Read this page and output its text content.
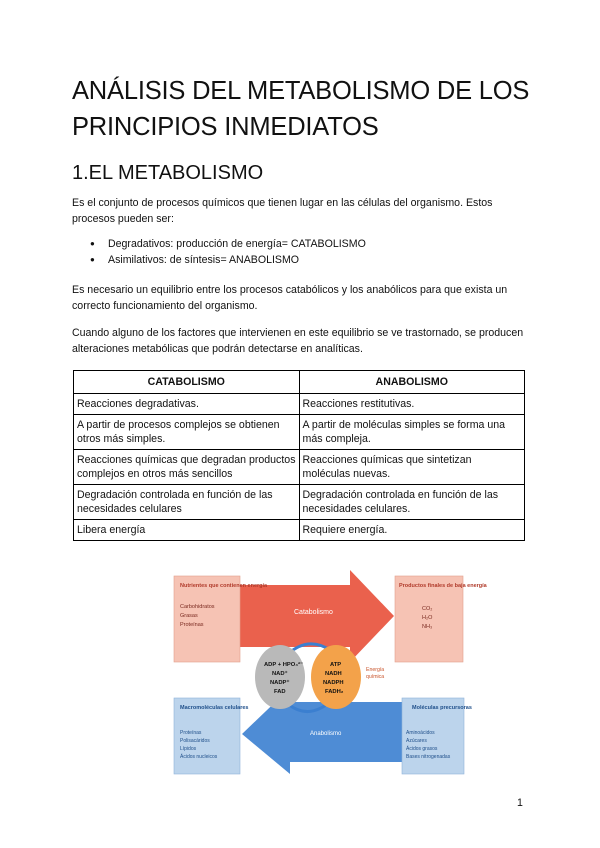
ANÁLISIS DEL METABOLISMO DE LOS PRINCIPIOS INMEDIATOS
1.EL METABOLISMO

Es el conjunto de procesos químicos que tienen lugar en las células del organismo. Estos procesos pueden ser:

● Degradativos: producción de energía= CATABOLISMO
● Asimilativos: de síntesis= ANABOLISMO

Es necesario un equilibrio entre los procesos catabólicos y los anabólicos para que exista un correcto funcionamiento del organismo.

Cuando alguno de los factores que intervienen en este equilibrio se ve trastornado, se producen alteraciones metabólicas que podrán detectarse en analíticas.

CATABOLISMO	ANABOLISMO
Reacciones degradativas.	Reacciones restitutivas.
A partir de procesos complejos se obtienen otros más simples.	A partir de moléculas simples se forma una más compleja.
Reacciones químicas que degradan productos complejos en otros más sencillos	Reacciones químicas que sintetizan moléculas nuevas.
Degradación controlada en función de las necesidades celulares	Degradación controlada en función de las necesidades celulares.
Libera energía	Requiere energía.
Nutrientes que contienen energía
Carbohidratos
Grasas
Proteínas
Catabolismo
Productos finales de baja energía
CO₂
H₂O
NH₃
ADP + HPO₄²⁻
NAD⁺
NADP⁺
FAD
ATP
NADH
NADPH
FADH₂
Energía
química
Macromoléculas celulares
Proteínas
Polisacáridos
Lípidos
Ácidos nucleicos
Anabolismo
Moléculas precursoras
Aminoácidos
Azúcares
Ácidos grasos
Bases nitrogenadas
1
